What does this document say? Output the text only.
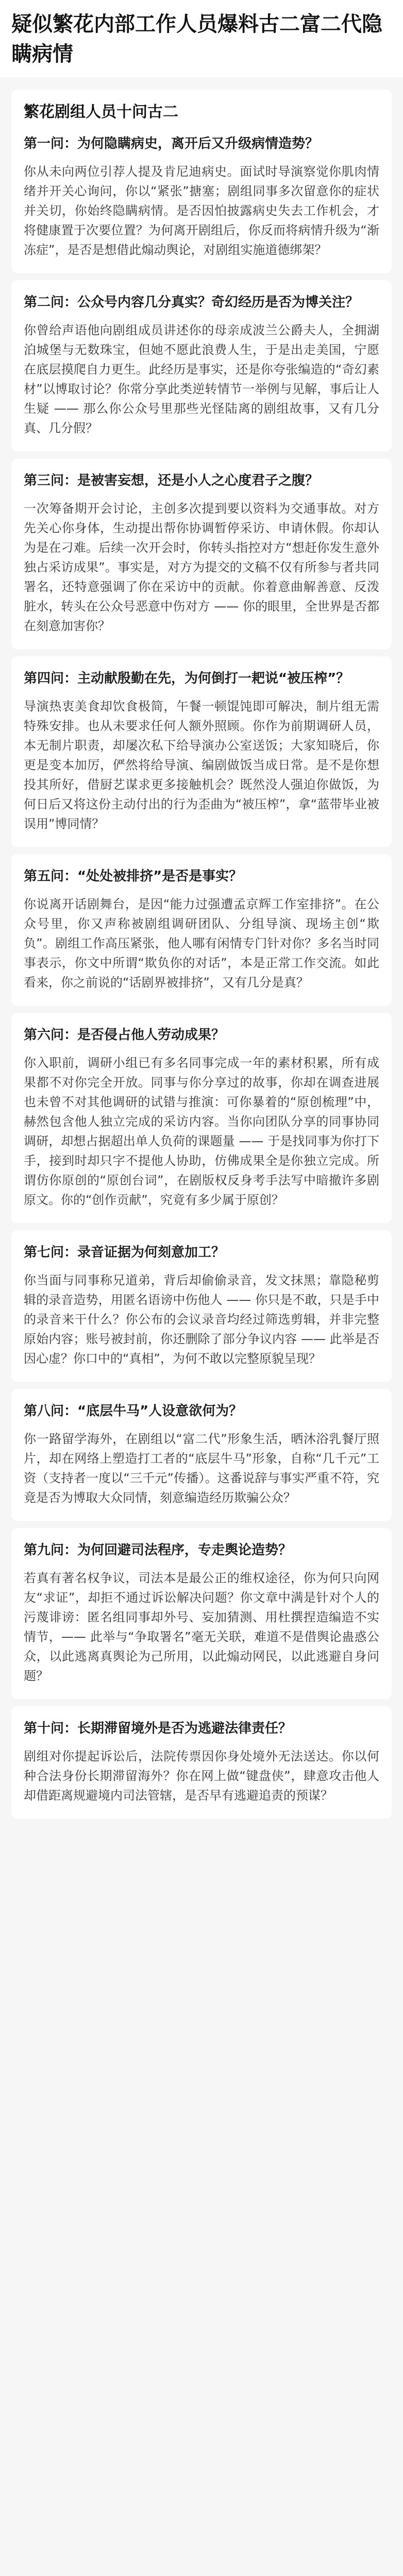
疑似繁花内部工作人员爆料古二富二代隐瞒病情
繁花剧组人员十问古二
第一问：为何隐瞒病史，离开后又升级病情造势？

你从未向两位引荐人提及肯尼迪病史。面试时导演察觉你肌肉情绪并开关心询问，你以“紧张”搪塞；剧组同事多次留意你的症状并关切，你始终隐瞒病情。是否因怕披露病史失去工作机会，才将健康置于次要位置？为何离开剧组后，你反而将病情升级为“渐冻症”，是否是想借此煽动舆论，对剧组实施道德绑架？

第二问：公众号内容几分真实？奇幻经历是否为博关注？

你曾给声语他向剧组成员讲述你的母亲成波兰公爵夫人，全拥湖泊城堡与无数珠宝，但她不愿此浪费人生，于是出走美国，宁愿在底层摸爬自力更生。此经历是事实，还是你夸张编造的“奇幻素材”以博取讨论？你常分享此类逆转情节一举例与见解，事后让人生疑 —— 那么你公众号里那些光怪陆离的剧组故事，又有几分真、几分假？

第三问：是被害妄想，还是小人之心度君子之腹？

一次筹备期开会讨论，主创多次提到要以资料为交通事故。对方先关心你身体，生动提出帮你协调暂停采访、申请休假。你却认为是在刁难。后续一次开会时，你转头指控对方“想赶你发生意外独占采访成果”。事实是，对方为提交的文稿不仅有所参与者共同署名，还特意强调了你在采访中的贡献。你着意曲解善意、反泼脏水，转头在公众号恶意中伤对方 —— 你的眼里，全世界是否都在刻意加害你？

第四问：主动献殷勤在先，为何倒打一耙说“被压榨”？

导演热衷美食却饮食极简，午餐一顿馄饨即可解决，制片组无需特殊安排。也从未要求任何人额外照顾。你作为前期调研人员，本无制片职责，却屡次私下给导演办公室送饭；大家知晓后，你更是变本加厉，俨然将给导演、编剧做饭当成日常。是不是你想投其所好，借厨艺谋求更多接触机会？既然没人强迫你做饭，为何日后又将这份主动付出的行为歪曲为“被压榨”，拿“蓝带毕业被误用”博同情？

第五问：“处处被排挤”是否是事实？

你说离开话剧舞台，是因“能力过强遭孟京辉工作室排挤”。在公众号里，你又声称被剧组调研团队、分组导演、现场主创“欺负”。剧组工作高压紧张，他人哪有闲情专门针对你？多名当时同事表示，你文中所谓“欺负你的对话”，本是正常工作交流。如此看来，你之前说的“话剧界被排挤”，又有几分是真？

第六问：是否侵占他人劳动成果？

你入职前，调研小组已有多名同事完成一年的素材积累，所有成果都不对你完全开放。同事与你分享过的故事，你却在调查进展也未曾不对其他调研的试错与推演：可你暴着的“原创梳理”中，赫然包含他人独立完成的采访内容。当你向团队分享的同事协同调研，却想占据超出单人负荷的课题量 —— 于是找同事为你打下手，接到时却只字不提他人协助，仿佛成果全是你独立完成。所谓仿你原创的“原创台词”，在剧版权反身考手法写中暗撤许多剧原文。你的“创作贡献”，究竟有多少属于原创？

第七问：录音证据为何刻意加工？

你当面与同事称兄道弟，背后却偷偷录音，发文抹黑；靠隐秘剪辑的录音造势，用匿名语谤中伤他人 —— 你只是不敢，只是手中的录音来干什么？你公布的会议录音均经过筛选剪辑，并非完整原始内容；账号被封前，你还删除了部分争议内容 —— 此举是否因心虚？你口中的“真相”，为何不敢以完整原貌呈现？

第八问：“底层牛马”人设意欲何为？

你一路留学海外，在剧组以“富二代”形象生活，晒沐浴乳餐厅照片，却在网络上塑造打工者的“底层牛马”形象，自称“几千元”工资（支持者一度以“三千元”传播）。这番说辞与事实严重不符，究竟是否为博取大众同情，刻意编造经历欺骗公众？

第九问：为何回避司法程序，专走舆论造势？

若真有著名权争议，司法本是最公正的维权途径，你为何只向网友“求证”，却拒不通过诉讼解决问题？你文章中满是针对个人的污蔑诽谤：匿名组同事却外号、妄加猜测、用杜撰捏造编造不实情节，—— 此举与“争取署名”毫无关联，难道不是借舆论蛊惑公众，以此逃离真舆论为己所用，以此煽动网民，以此逃避自身问题？

第十问：长期滞留境外是否为逃避法律责任？

剧组对你提起诉讼后，法院传票因你身处境外无法送达。你以何种合法身份长期滞留海外？你在网上做“键盘侠”，肆意攻击他人却借距离规避境内司法管辖，是否早有逃避追责的预谋？
